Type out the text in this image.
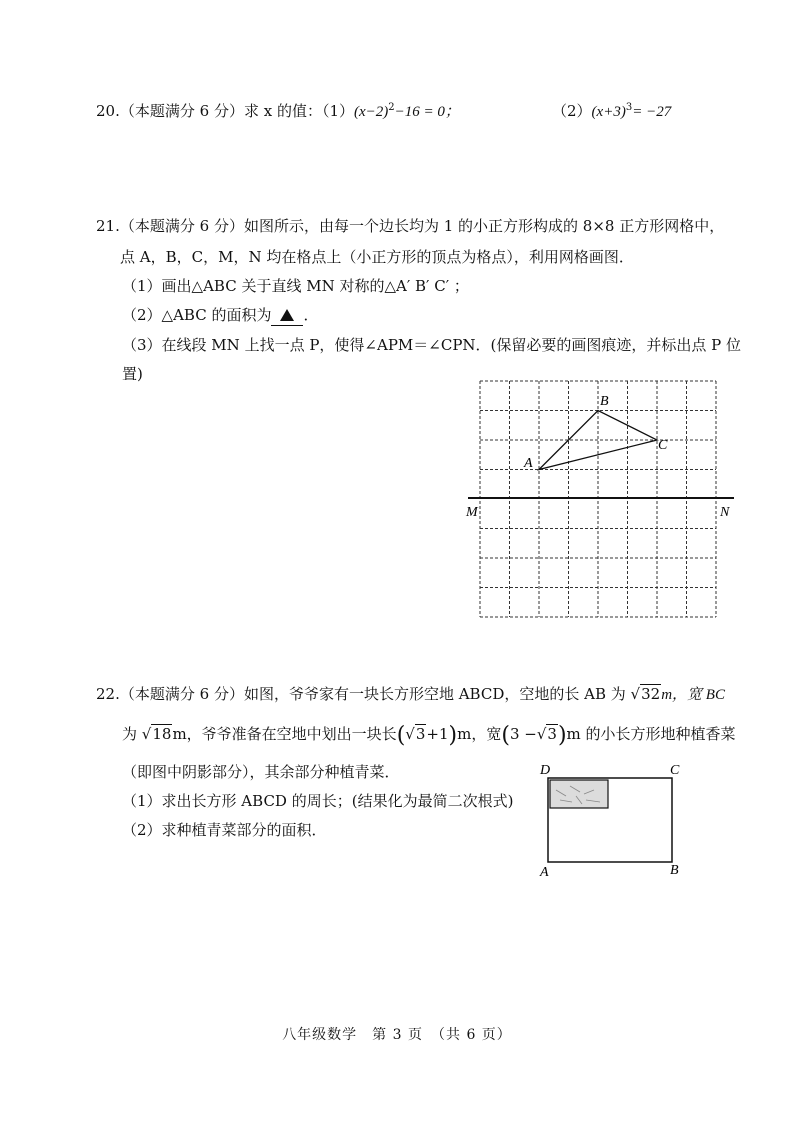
20.（本题满分 6 分）求 x 的值：$(1)(x-2)^2-16 = 0$；	$(2)(x+3)^3= -27$
21.（本题满分 6 分）如图所示，由每一个边长均为 1 的小正方形构成的 8×8 正方形网格中，
点 A，B，C，M，N 均在格点上（小正方形的顶点为格点），利用网格画图．
（1）画出△ABC 关于直线 MN 对称的△A′ B′ C′ ；
（2）△ABC 的面积为 ．
（3）在线段 MN 上找一点 P，使得∠APM＝∠CPN．(保留必要的画图痕迹，并标出点 P 位
置)
A
B
C
M	N
22.（本题满分 6 分）如图，爷爷家有一块长方形空地 ABCD，空地的长 AB 为 √32m，宽 BC
为 √18m，爷爷准备在空地中划出一块长(√3+1)m，宽(3 −√3)m 的小长方形地种植香菜
（即图中阴影部分），其余部分种植青菜．
（1）求出长方形 ABCD 的周长；(结果化为最简二次根式)
（2）求种植青菜部分的面积．
D	C
A	B
八年级数学　第 3 页　（共 6 页）
